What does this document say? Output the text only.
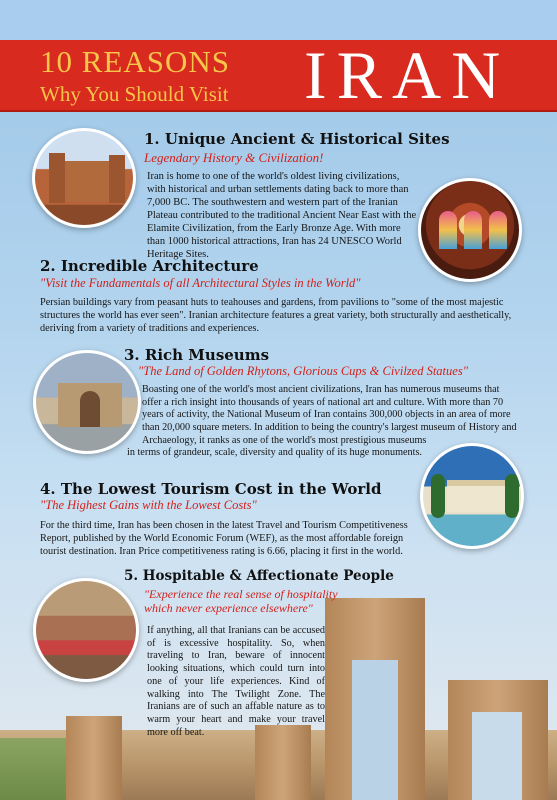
10 REASONS
Why You Should Visit IRAN
1. Unique Ancient & Historical Sites
Legendary History & Civilization!
Iran is home to one of the world's oldest living civilizations, with historical and urban settlements dating back to more than 7,000 BC. The southwestern and western part of the Iranian Plateau contributed to the traditional Ancient Near East with the Elamite Civilization, from the Early Bronze Age. With more than 1000 historical attractions, Iran has 24 UNESCO World Heritage Sites.
2. Incredible Architecture
"Visit the Fundamentals of all Architectural Styles in the World"
Persian buildings vary from peasant huts to teahouses and gardens, from pavilions to "some of the most majestic structures the world has ever seen". Iranian architecture features a great variety, both structurally and aesthetically, deriving from a variety of traditions and experiences.
3. Rich Museums
"The Land of Golden Rhytons, Glorious Cups & Civilzed Statues"
Boasting one of the world's most ancient civilizations, Iran has numerous museums that offer a rich insight into thousands of years of national art and culture. With more than 70 years of activity, the National Museum of Iran contains 300,000 objects in an area of more than 20,000 square meters. In addition to being the country's largest museum of History and Archaeology, it ranks as one of the world's most prestigious museums
in terms of grandeur, scale, diversity and quality of its huge monuments.
4. The Lowest Tourism Cost in the World
"The Highest Gains with the Lowest Costs"
For the third time, Iran has been chosen in the latest Travel and Tourism Competitiveness Report, published by the World Economic Forum (WEF), as the most affordable foreign tourist destination. Iran Price competitiveness rating is 6.66, placing it first in the world.
5. Hospitable & Affectionate People
"Experience the real sense of hospitality which never experience elsewhere"
If anything, all that Iranians can be accused of is excessive hospitality. So, when traveling to Iran, beware of innocent looking situations, which could turn into one of your life experiences. Kind of walking into The Twilight Zone. The Iranians are of such an affable nature as to warm your heart and make your travel more off beat.
